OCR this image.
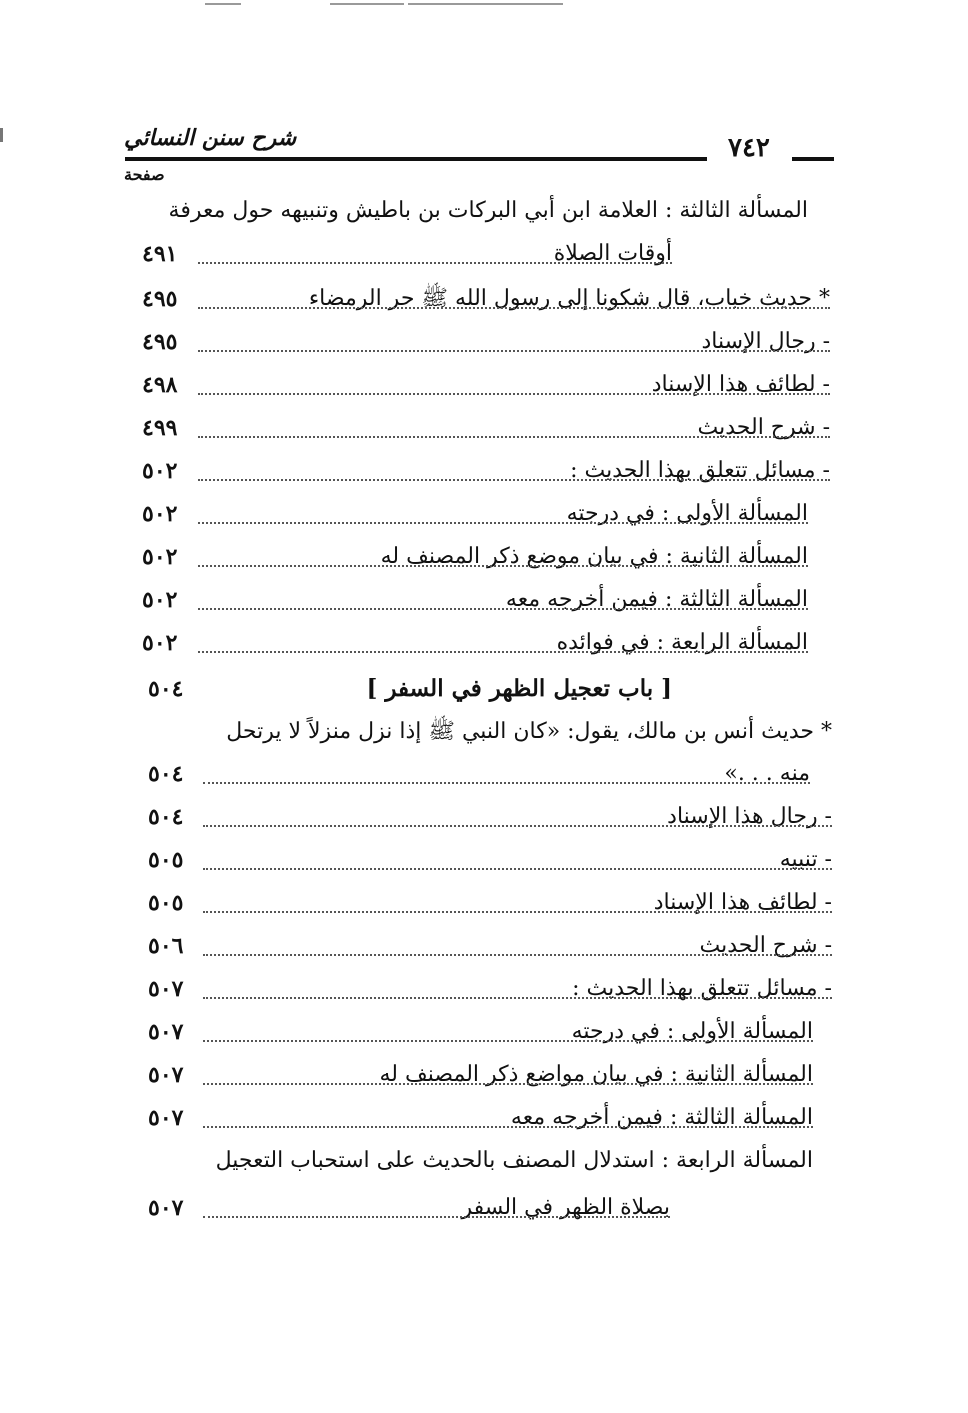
شرح سنن النسائي	٧٤٢
صفحة
المسألة الثالثة : العلامة ابن أبي البركات بن باطيش وتنبيهه حول معرفة
أوقات الصلاة
٤٩١
* حديث خباب، قال شكونا إلى رسول الله ﷺ حر الرمضاء
٤٩٥
- رجال الإسناد
٤٩٥
- لطائف هذا الإسناد
٤٩٨
- شرح الحديث
٤٩٩
- مسائل تتعلق بهذا الحديث :
٥٠٢
المسألة الأولى : في درجته
٥٠٢
المسألة الثانية : في بيان موضع ذكر المصنف له
٥٠٢
المسألة الثالثة : فيمن أخرجه معه
٥٠٢
المسألة الرابعة : في فوائده
٥٠٢
[ باب تعجيل الظهر في السفر ]
٥٠٤
* حديث أنس بن مالك، يقول: «كان النبي ﷺ إذا نزل منزلاً لا يرتحل
منه . . .»
٥٠٤
- رجال هذا الإسناد
٥٠٤
- تنبيه
٥٠٥
- لطائف هذا الإسناد
٥٠٥
- شرح الحديث
٥٠٦
- مسائل تتعلق بهذا الحديث :
٥٠٧
المسألة الأولى : في درجته
٥٠٧
المسألة الثانية : في بيان مواضع ذكر المصنف له
٥٠٧
المسألة الثالثة : فيمن أخرجه معه
٥٠٧
المسألة الرابعة : استدلال المصنف بالحديث على استحباب التعجيل
بصلاة الظهر في السفر
٥٠٧
